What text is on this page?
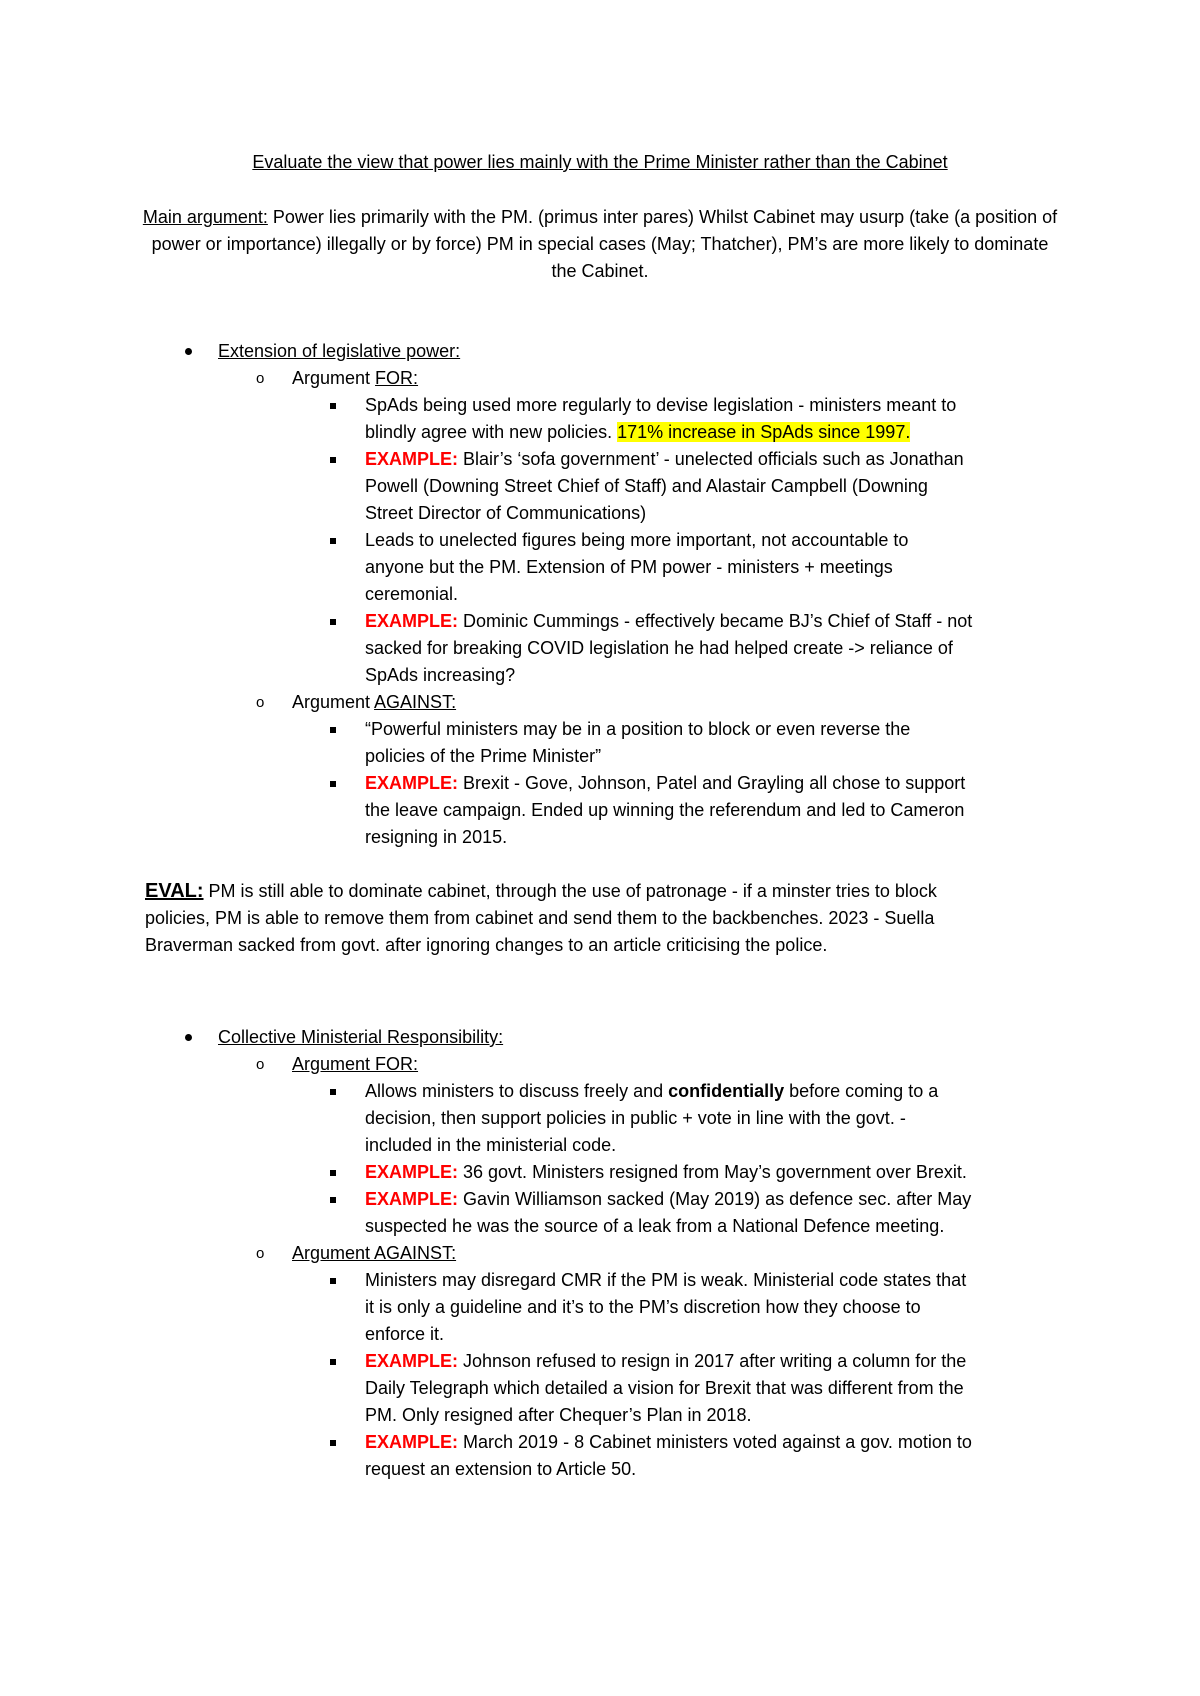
Evaluate the view that power lies mainly with the Prime Minister rather than the Cabinet
Main argument: Power lies primarily with the PM. (primus inter pares) Whilst Cabinet may usurp (take (a position of power or importance) illegally or by force) PM in special cases (May; Thatcher), PM’s are more likely to dominate the Cabinet.
Extension of legislative power:
o Argument FOR:
SpAds being used more regularly to devise legislation - ministers meant to
blindly agree with new policies. 171% increase in SpAds since 1997.
EXAMPLE: Blair’s ‘sofa government’ - unelected officials such as Jonathan
Powell (Downing Street Chief of Staff) and Alastair Campbell (Downing
Street Director of Communications)
Leads to unelected figures being more important, not accountable to
anyone but the PM. Extension of PM power - ministers + meetings
ceremonial.
EXAMPLE: Dominic Cummings - effectively became BJ’s Chief of Staff - not
sacked for breaking COVID legislation he had helped create -> reliance of
SpAds increasing?
o Argument AGAINST:
“Powerful ministers may be in a position to block or even reverse the
policies of the Prime Minister”
EXAMPLE: Brexit - Gove, Johnson, Patel and Grayling all chose to support
the leave campaign. Ended up winning the referendum and led to Cameron
resigning in 2015.
EVAL: PM is still able to dominate cabinet, through the use of patronage - if a minster tries to block
policies, PM is able to remove them from cabinet and send them to the backbenches. 2023 - Suella
Braverman sacked from govt. after ignoring changes to an article criticising the police.
Collective Ministerial Responsibility:
o Argument FOR:
Allows ministers to discuss freely and confidentially before coming to a
decision, then support policies in public + vote in line with the govt. -
included in the ministerial code.
EXAMPLE: 36 govt. Ministers resigned from May’s government over Brexit.
EXAMPLE: Gavin Williamson sacked (May 2019) as defence sec. after May
suspected he was the source of a leak from a National Defence meeting.
o Argument AGAINST:
Ministers may disregard CMR if the PM is weak. Ministerial code states that
it is only a guideline and it’s to the PM’s discretion how they choose to
enforce it.
EXAMPLE: Johnson refused to resign in 2017 after writing a column for the
Daily Telegraph which detailed a vision for Brexit that was different from the
PM. Only resigned after Chequer’s Plan in 2018.
EXAMPLE: March 2019 - 8 Cabinet ministers voted against a gov. motion to
request an extension to Article 50.
